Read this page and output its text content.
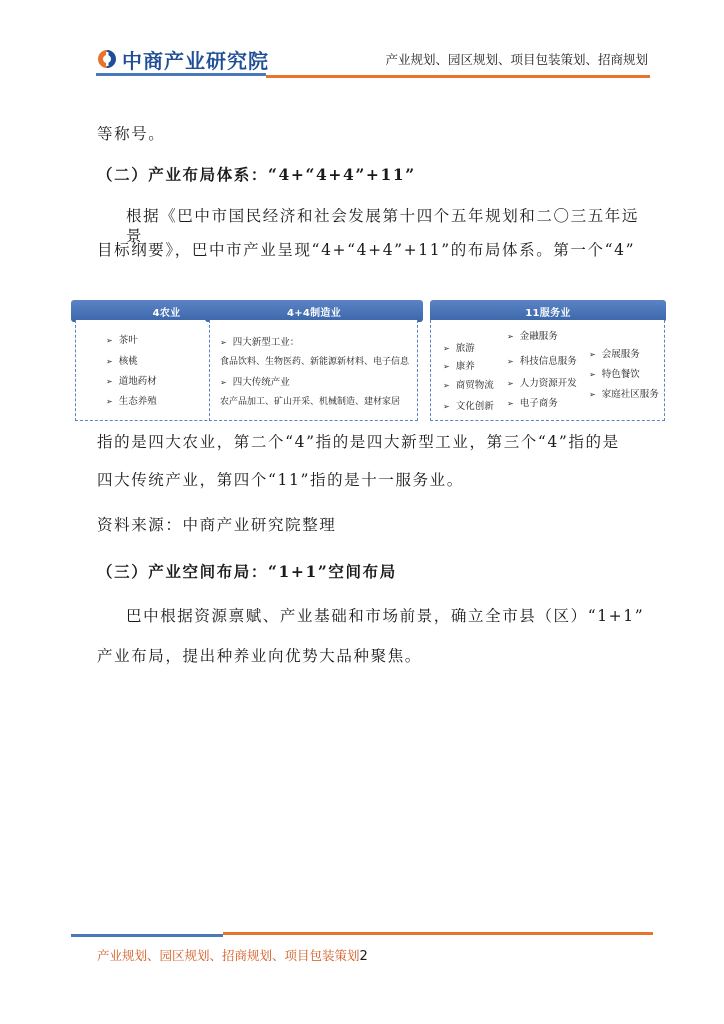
中商产业研究院	产业规划、园区规划、项目包装策划、招商规划
等称号。
（二）产业布局体系：“4+“4+4”+11”
根据《巴中市国民经济和社会发展第十四个五年规划和二〇三五年远景
目标纲要》，巴中市产业呈现“4+“4+4”+11”的布局体系。第一个“4”
4农业
➢ 茶叶
➢ 核桃
➢ 道地药材
➢ 生态养殖
4+4制造业
➢ 四大新型工业：
食品饮料、生物医药、新能源新材料、电子信息
➢ 四大传统产业
农产品加工、矿山开采、机械制造、建材家居
11服务业
➢ 旅游
➢ 康养
➢ 商贸物流
➢ 文化创新
➢ 金融服务
➢ 科技信息服务
➢ 人力资源开发
➢ 电子商务
➢ 会展服务
➢ 特色餐饮
➢ 家庭社区服务
指的是四大农业，第二个“4”指的是四大新型工业，第三个“4”指的是
四大传统产业，第四个“11”指的是十一服务业。
资料来源：中商产业研究院整理
（三）产业空间布局：“1+1”空间布局
巴中根据资源禀赋、产业基础和市场前景，确立全市县（区）“1+1”
产业布局，提出种养业向优势大品种聚焦。
产业规划、园区规划、招商规划、项目包装策划2
